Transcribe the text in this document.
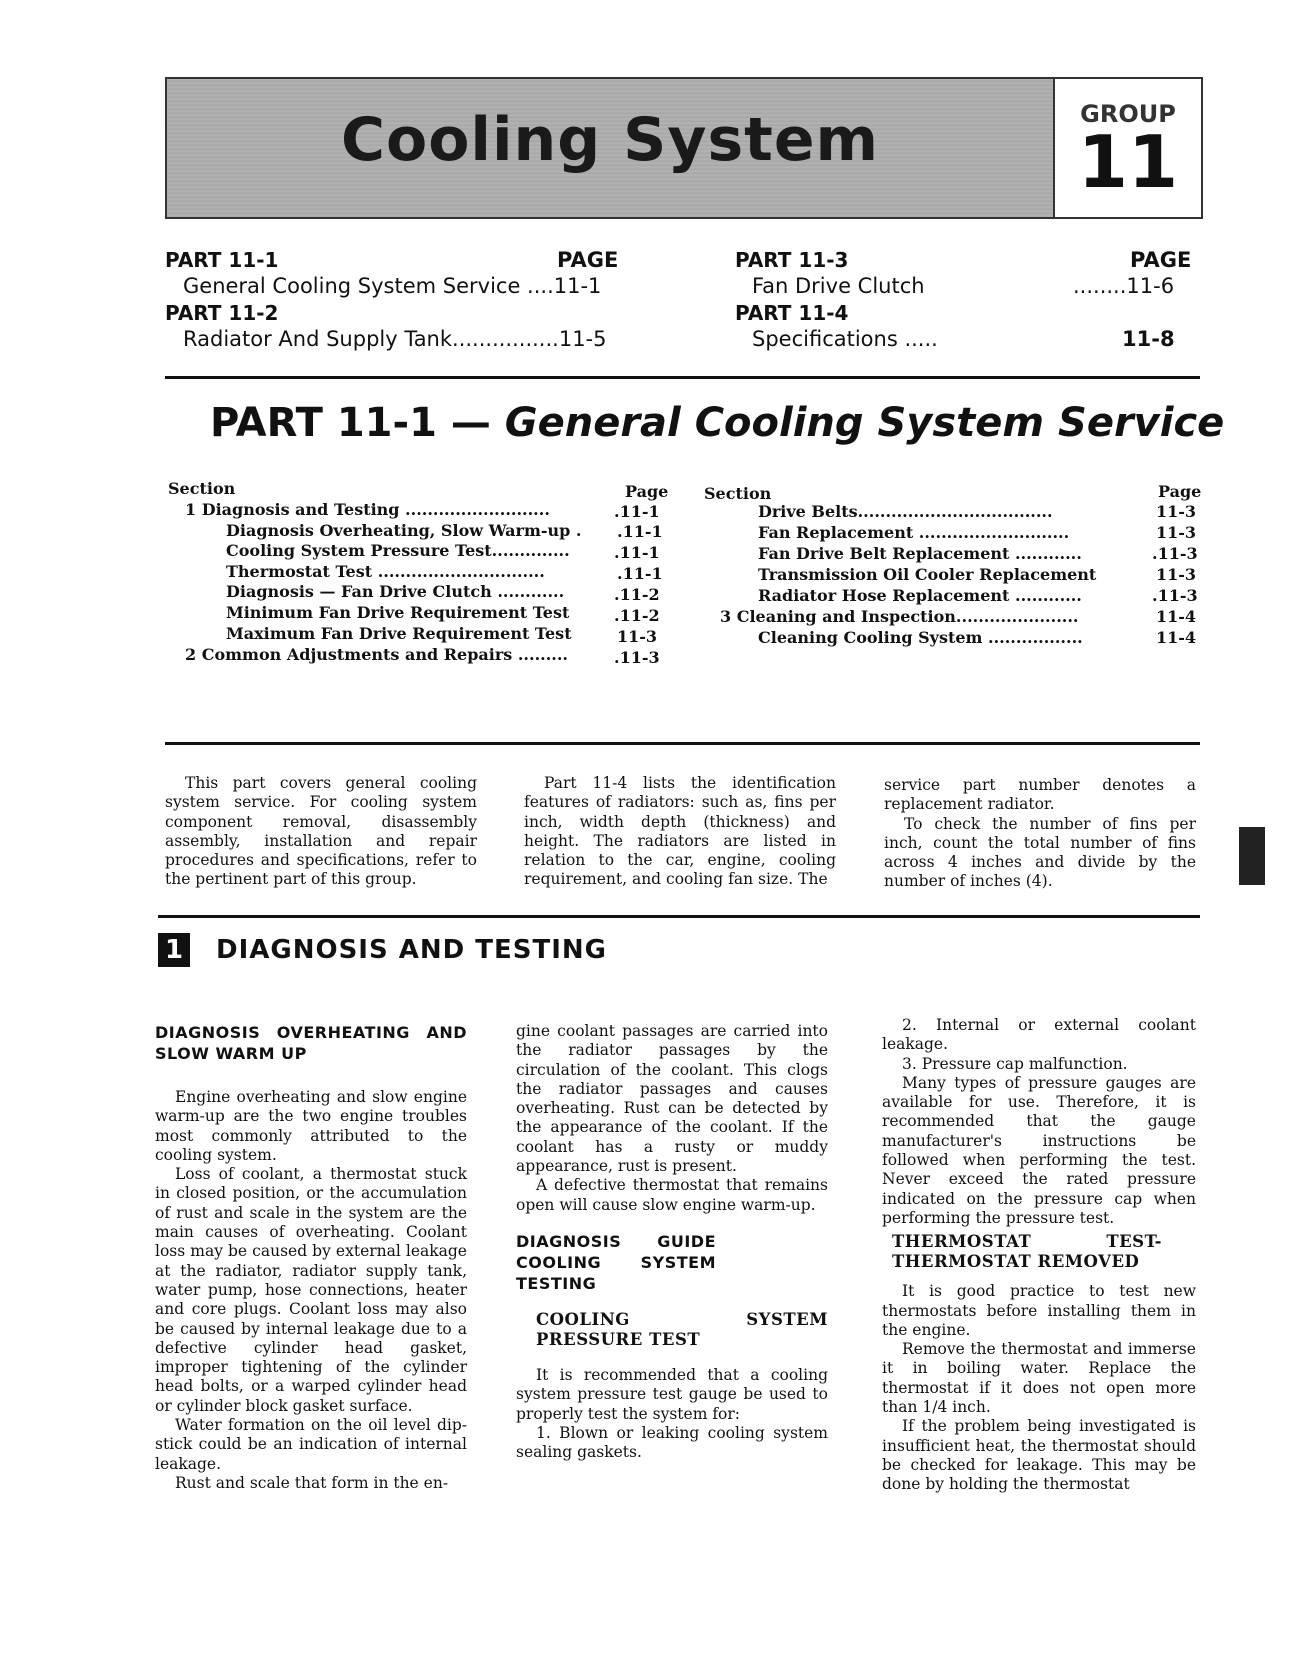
Cooling System	GROUP
11
PART 11-1	PAGE
General Cooling System Service ....11-1
PART 11-2
Radiator And Supply Tank................11-5
PART 11-3	PAGE
Fan Drive Clutch	........11-6
PART 11-4
Specifications .....	11-8
PART 11-1 — General Cooling System Service
Section	Page
1 Diagnosis and Testing ..........................	.11-1
Diagnosis Overheating, Slow Warm-up . .11-1
Cooling System Pressure Test..............	.11-1
Thermostat Test ..............................	.11-1
Diagnosis — Fan Drive Clutch ............	.11-2
Minimum Fan Drive Requirement Test	.11-2
Maximum Fan Drive Requirement Test	11-3
2 Common Adjustments and Repairs .........	.11-3
Section	Page
Drive Belts...................................	11-3
Fan Replacement ...........................	11-3
Fan Drive Belt Replacement ............	.11-3
Transmission Oil Cooler Replacement	11-3
Radiator Hose Replacement ............	.11-3
3 Cleaning and Inspection......................	11-4
Cleaning Cooling System .................	11-4

This part covers general cooling system service. For cooling system component removal, disassembly assembly, installation and repair procedures and specifications, refer to the pertinent part of this group.

Part 11-4 lists the identification features of radiators: such as, fins per inch, width depth (thickness) and height. The radiators are listed in relation to the car, engine, cooling requirement, and cooling fan size. The

service part number denotes a replacement radiator.

To check the number of fins per inch, count the total number of fins across 4 inches and divide by the number of inches (4).

1 DIAGNOSIS AND TESTING

DIAGNOSIS OVERHEATING AND SLOW WARM UP

Engine overheating and slow engine warm-up are the two engine troubles most commonly attributed to the cooling system.

Loss of coolant, a thermostat stuck in closed position, or the accumulation of rust and scale in the system are the main causes of overheating. Coolant loss may be caused by external leakage at the radiator, radiator supply tank, water pump, hose connections, heater and core plugs. Coolant loss may also be caused by internal leakage due to a defective cylinder head gasket, improper tightening of the cylinder head bolts, or a warped cylinder head or cylinder block gasket surface.

Water formation on the oil level dip-stick could be an indication of internal leakage.

Rust and scale that form in the en-

gine coolant passages are carried into the radiator passages by the circulation of the coolant. This clogs the radiator passages and causes overheating. Rust can be detected by the appearance of the coolant. If the coolant has a rusty or muddy appearance, rust is present.

A defective thermostat that remains open will cause slow engine warm-up.

DIAGNOSIS GUIDE COOLING SYSTEM TESTING

COOLING SYSTEM PRESSURE TEST

It is recommended that a cooling system pressure test gauge be used to properly test the system for:

1. Blown or leaking cooling system sealing gaskets.

2. Internal or external coolant leakage.

3. Pressure cap malfunction.

Many types of pressure gauges are available for use. Therefore, it is recommended that the gauge manufacturer's instructions be followed when performing the test. Never exceed the rated pressure indicated on the pressure cap when performing the pressure test.

THERMOSTAT TEST- THERMOSTAT REMOVED

It is good practice to test new thermostats before installing them in the engine.

Remove the thermostat and immerse it in boiling water. Replace the thermostat if it does not open more than 1/4 inch.

If the problem being investigated is insufficient heat, the thermostat should be checked for leakage. This may be done by holding the thermostat
